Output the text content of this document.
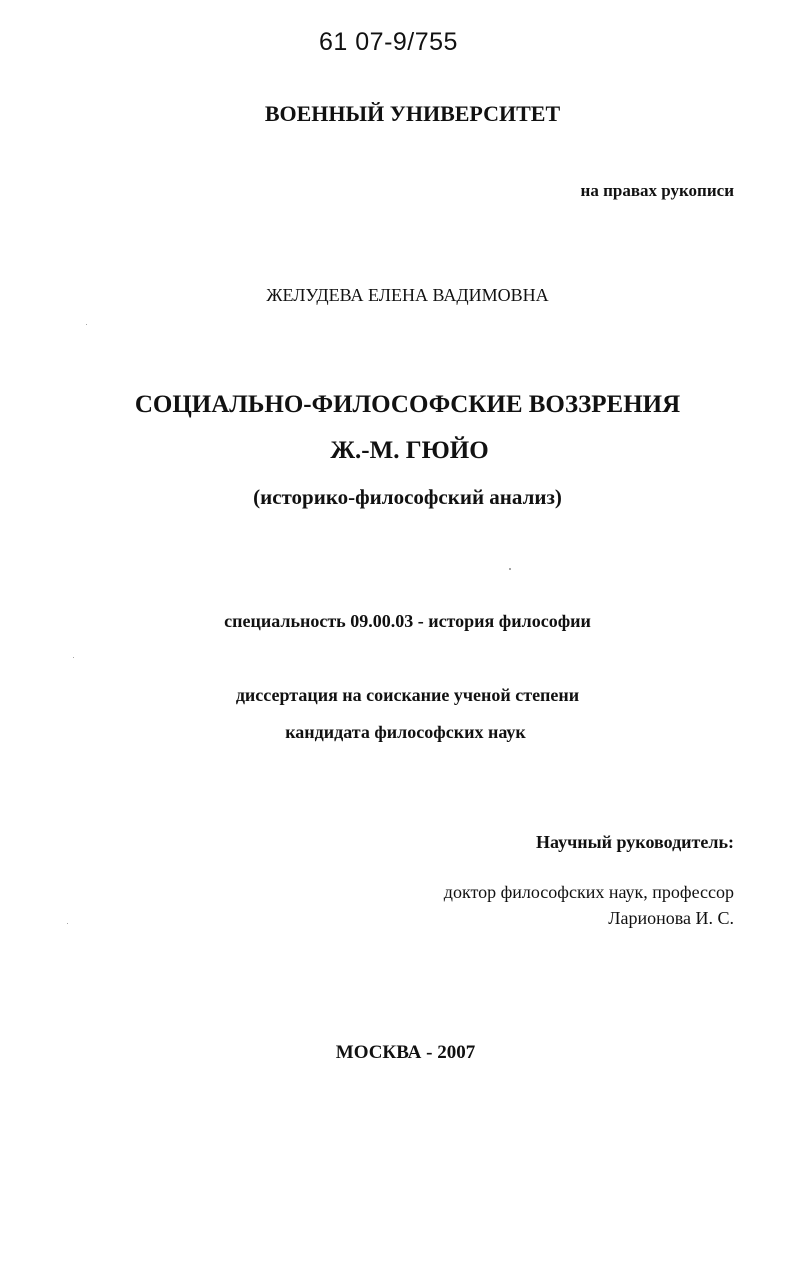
61 07-9/755

ВОЕННЫЙ УНИВЕРСИТЕТ

на правах рукописи

ЖЕЛУДЕВА ЕЛЕНА ВАДИМОВНА

СОЦИАЛЬНО-ФИЛОСОФСКИЕ ВОЗЗРЕНИЯ

Ж.-М. ГЮЙО

(историко-философский анализ)

специальность 09.00.03 - история философии

диссертация на соискание ученой степени

кандидата философских наук

Научный руководитель:

доктор философских наук, профессор

Ларионова И. С.

МОСКВА - 2007
